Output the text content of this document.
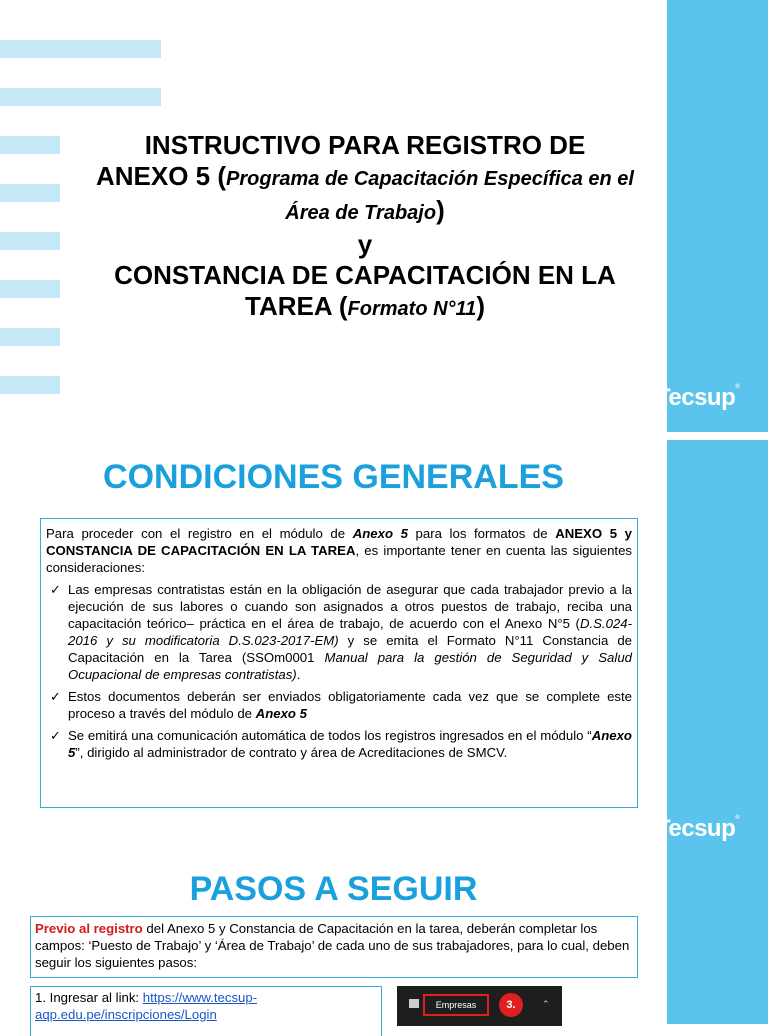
Tecsup®
Tecsup®
INSTRUCTIVO PARA REGISTRO DE
ANEXO 5 (Programa de Capacitación Específica en el Área de Trabajo)
y
CONSTANCIA DE CAPACITACIÓN EN LA TAREA (Formato N°11)
CONDICIONES GENERALES

Para proceder con el registro en el módulo de Anexo 5 para los formatos de ANEXO 5 y CONSTANCIA DE CAPACITACIÓN EN LA TAREA, es importante tener en cuenta las siguientes consideraciones:

✓ Las empresas contratistas están en la obligación de asegurar que cada trabajador previo a la ejecución de sus labores o cuando son asignados a otros puestos de trabajo, reciba una capacitación teórico– práctica en el área de trabajo, de acuerdo con el Anexo N°5 (D.S.024-2016 y su modificatoria D.S.023-2017-EM) y se emita el Formato N°11 Constancia de Capacitación en la Tarea (SSOm0001 Manual para la gestión de Seguridad y Salud Ocupacional de empresas contratistas).
✓ Estos documentos deberán ser enviados obligatoriamente cada vez que se complete este proceso a través del módulo de Anexo 5
✓ Se emitirá una comunicación automática de todos los registros ingresados en el módulo “Anexo 5”, dirigido al administrador de contrato y área de Acreditaciones de SMCV.
PASOS A SEGUIR
Previo al registro del Anexo 5 y Constancia de Capacitación en la tarea, deberán completar los campos: ‘Puesto de Trabajo’ y ‘Área de Trabajo’ de cada uno de sus trabajadores, para lo cual, deben seguir los siguientes pasos:
1. Ingresar al link: https://www.tecsup-aqp.edu.pe/inscripciones/Login
Empresas	3.	⌃
